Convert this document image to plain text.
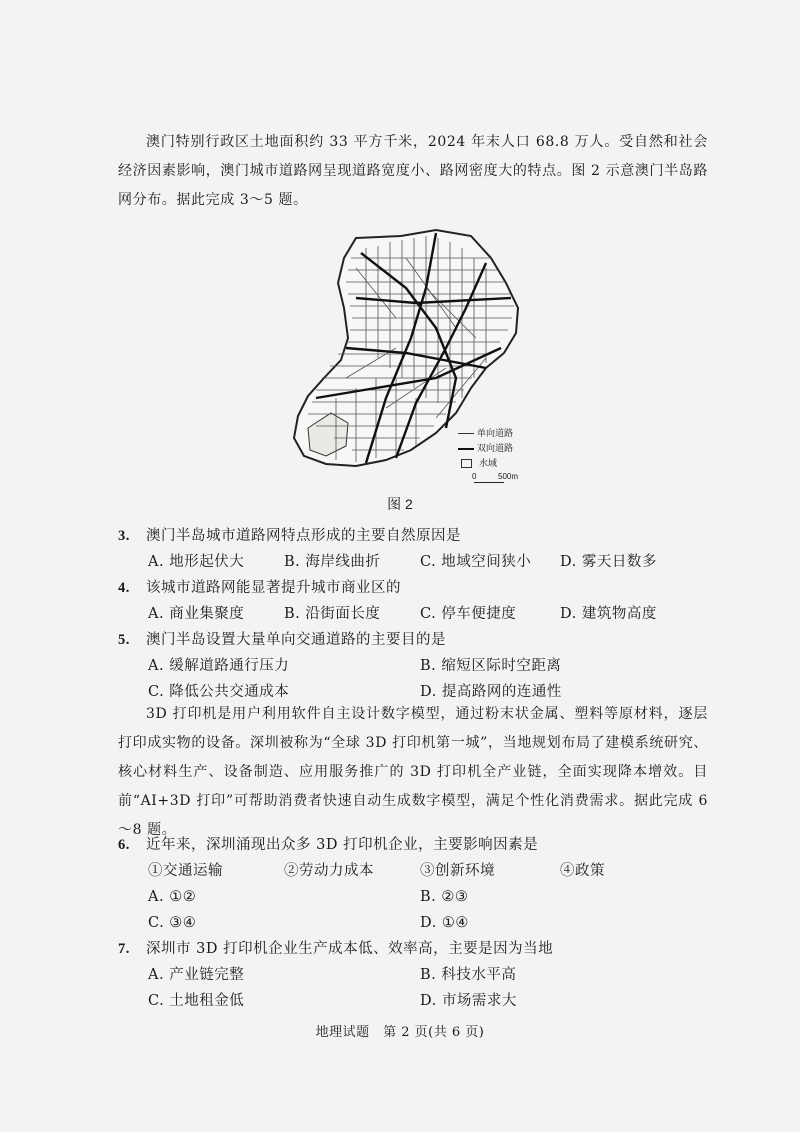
澳门特别行政区土地面积约 33 平方千米，2024 年末人口 68.8 万人。受自然和社会经济因素影响，澳门城市道路网呈现道路宽度小、路网密度大的特点。图 2 示意澳门半岛路网分布。据此完成 3～5 题。
单向道路
双向道路
水域
0	500m
图 2
3. 澳门半岛城市道路网特点形成的主要自然原因是
A. 地形起伏大	B. 海岸线曲折	C. 地域空间狭小 D. 雾天日数多
4. 该城市道路网能显著提升城市商业区的
A. 商业集聚度	B. 沿街面长度	C. 停车便捷度	D. 建筑物高度
5. 澳门半岛设置大量单向交通道路的主要目的是
A. 缓解道路通行压力	B. 缩短区际时空距离
C. 降低公共交通成本	D. 提高路网的连通性
3D 打印机是用户利用软件自主设计数字模型，通过粉末状金属、塑料等原材料，逐层打印成实物的设备。深圳被称为“全球 3D 打印机第一城”，当地规划布局了建模系统研究、核心材料生产、设备制造、应用服务推广的 3D 打印机全产业链，全面实现降本增效。目前“AI+3D 打印”可帮助消费者快速自动生成数字模型，满足个性化消费需求。据此完成 6～8 题。
6. 近年来，深圳涌现出众多 3D 打印机企业，主要影响因素是
①交通运输	②劳动力成本	③创新环境	④政策
A. ①②	B. ②③
C. ③④	D. ①④
7. 深圳市 3D 打印机企业生产成本低、效率高，主要是因为当地
A. 产业链完整	B. 科技水平高
C. 土地租金低	D. 市场需求大
地理试题　第 2 页(共 6 页)
